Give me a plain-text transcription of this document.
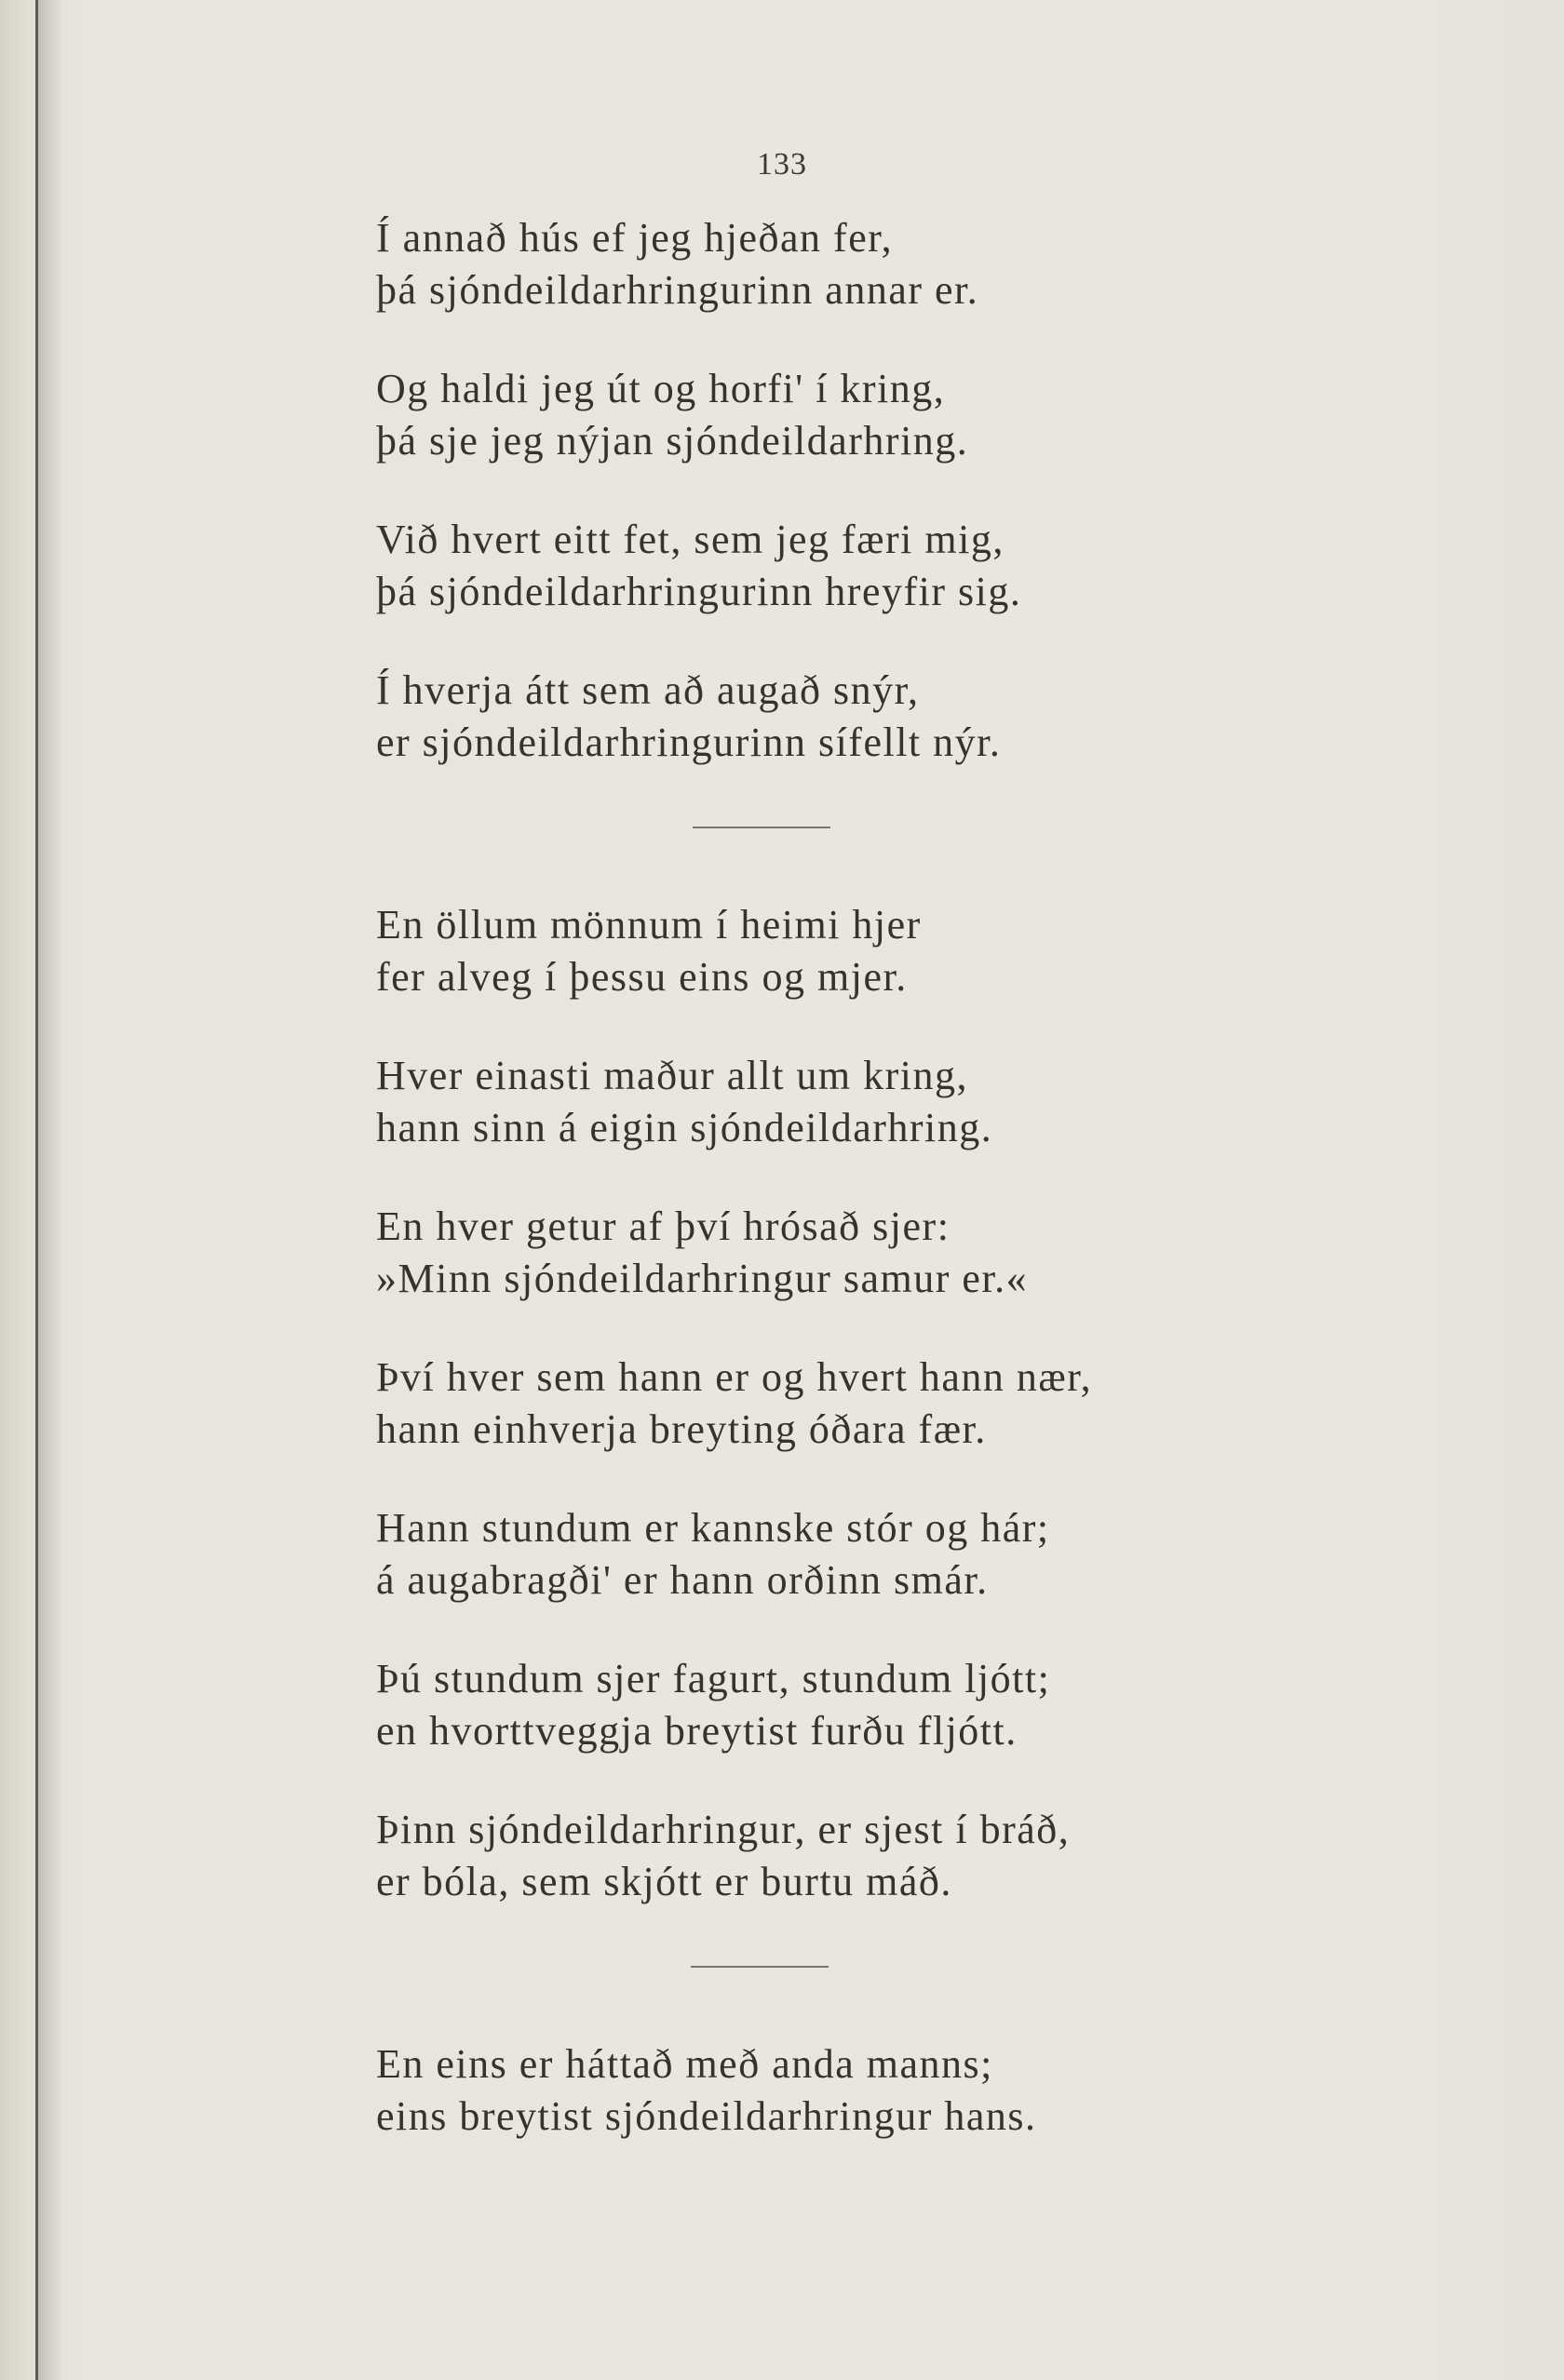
133
Í annað hús ef jeg hjeðan fer,
þá sjóndeildarhringurinn annar er.
Og haldi jeg út og horfi' í kring,
þá sje jeg nýjan sjóndeildarhring.
Við hvert eitt fet, sem jeg færi mig,
þá sjóndeildarhringurinn hreyfir sig.
Í hverja átt sem að augað snýr,
er sjóndeildarhringurinn sífellt nýr.
En öllum mönnum í heimi hjer
fer alveg í þessu eins og mjer.
Hver einasti maður allt um kring,
hann sinn á eigin sjóndeildarhring.
En hver getur af því hrósað sjer:
»Minn sjóndeildarhringur samur er.«
Því hver sem hann er og hvert hann nær,
hann einhverja breyting óðara fær.
Hann stundum er kannske stór og hár;
á augabragði' er hann orðinn smár.
Þú stundum sjer fagurt, stundum ljótt;
en hvorttveggja breytist furðu fljótt.
Þinn sjóndeildarhringur, er sjest í bráð,
er bóla, sem skjótt er burtu máð.
En eins er háttað með anda manns;
eins breytist sjóndeildarhringur hans.
